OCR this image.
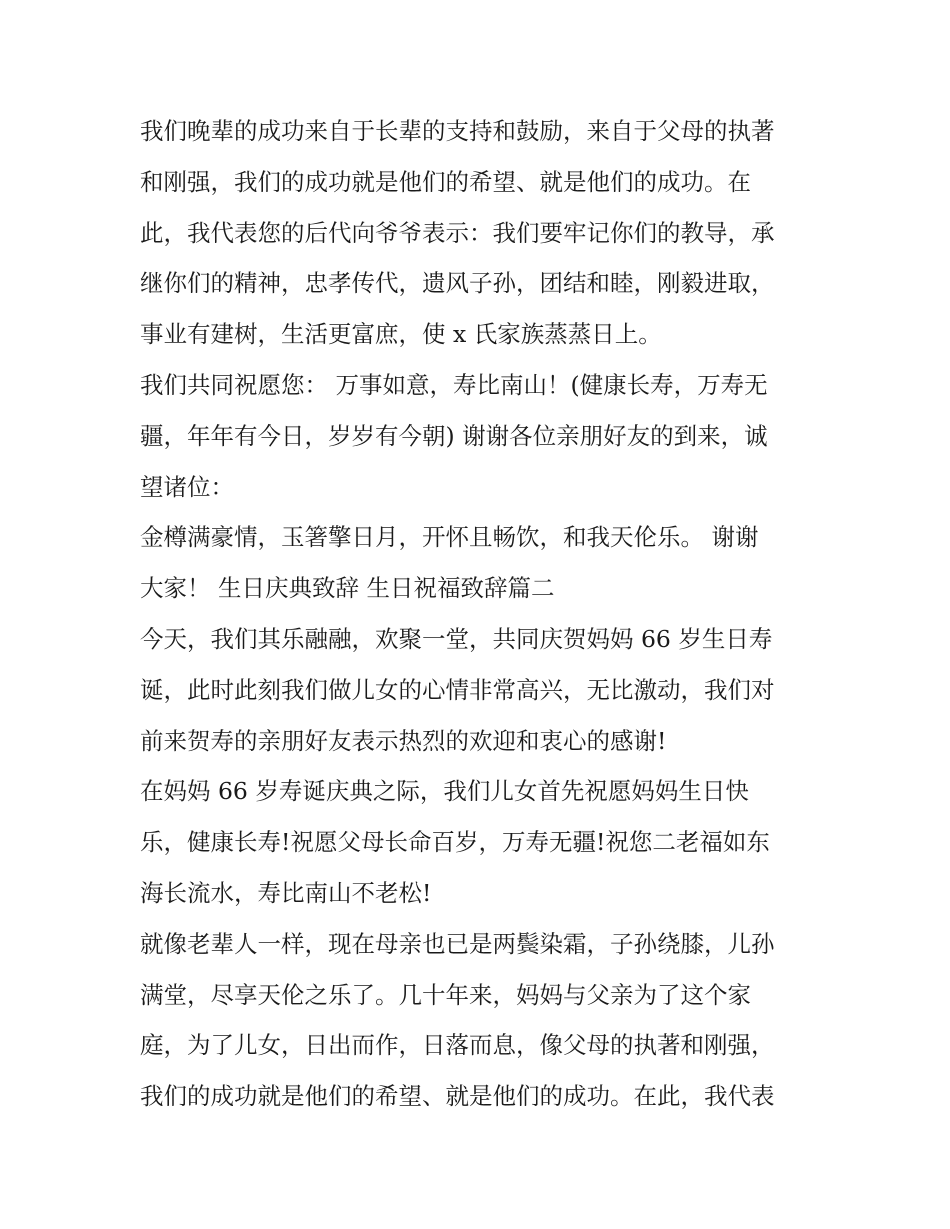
我们晚辈的成功来自于长辈的支持和鼓励，来自于父母的执著
和刚强，我们的成功就是他们的希望、就是他们的成功。在
此，我代表您的后代向爷爷表示：我们要牢记你们的教导，承
继你们的精神，忠孝传代，遗风子孙，团结和睦，刚毅进取，
事业有建树，生活更富庶，使 x 氏家族蒸蒸日上。
我们共同祝愿您： 万事如意，寿比南山！(健康长寿，万寿无
疆，年年有今日，岁岁有今朝) 谢谢各位亲朋好友的到来，诚
望诸位：
金樽满豪情，玉箸擎日月，开怀且畅饮，和我天伦乐。 谢谢
大家！ 生日庆典致辞 生日祝福致辞篇二
今天，我们其乐融融，欢聚一堂，共同庆贺妈妈 66 岁生日寿
诞，此时此刻我们做儿女的心情非常高兴，无比激动，我们对
前来贺寿的亲朋好友表示热烈的欢迎和衷心的感谢!
在妈妈 66 岁寿诞庆典之际，我们儿女首先祝愿妈妈生日快
乐，健康长寿!祝愿父母长命百岁，万寿无疆!祝您二老福如东
海长流水，寿比南山不老松!
就像老辈人一样，现在母亲也已是两鬓染霜，子孙绕膝，儿孙
满堂，尽享天伦之乐了。几十年来，妈妈与父亲为了这个家
庭，为了儿女，日出而作，日落而息，像父母的执著和刚强，
我们的成功就是他们的希望、就是他们的成功。在此，我代表
